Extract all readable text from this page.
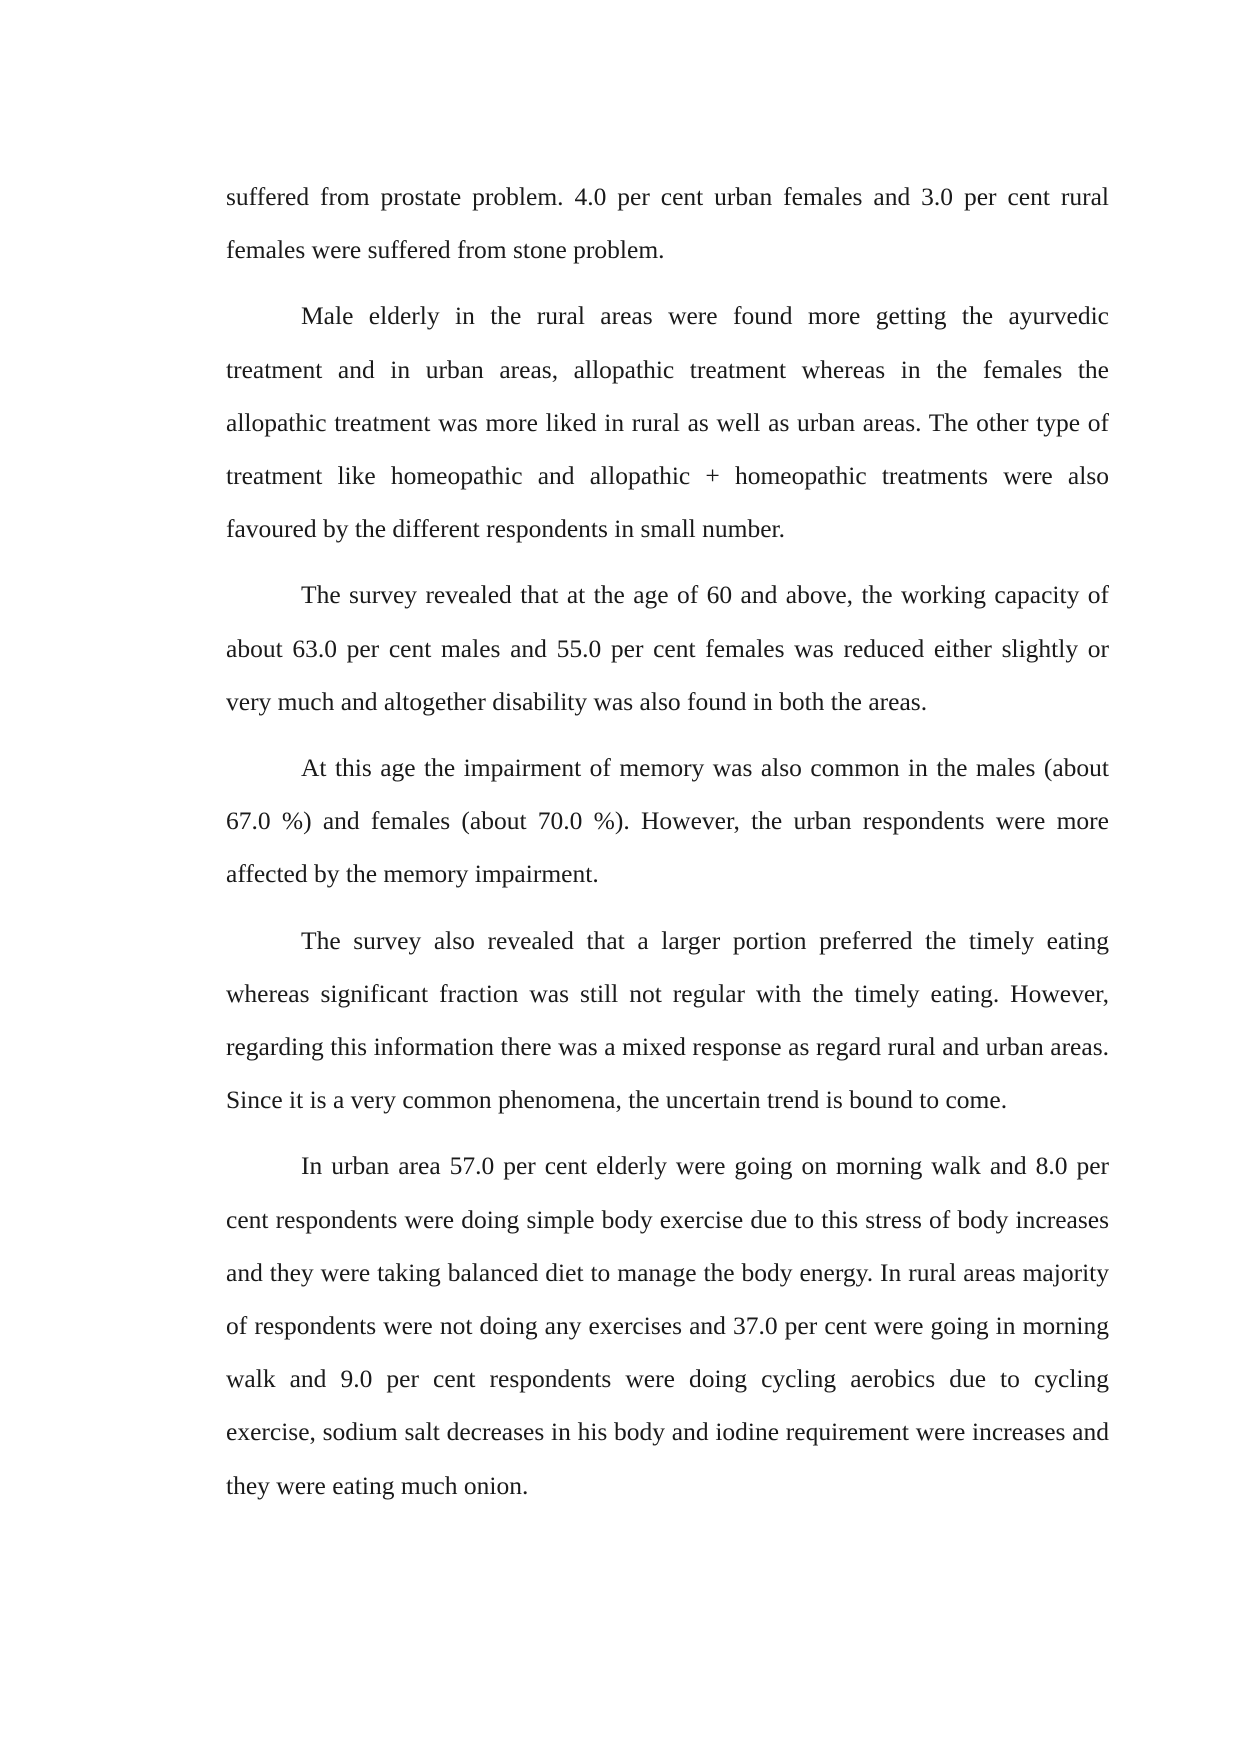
suffered from prostate problem. 4.0 per cent urban females and 3.0 per cent rural females were suffered from stone problem.

Male elderly in the rural areas were found more getting the ayurvedic treatment and in urban areas, allopathic treatment whereas in the females the allopathic treatment was more liked in rural as well as urban areas. The other type of treatment like homeopathic and allopathic + homeopathic treatments were also favoured by the different respondents in small number.

The survey revealed that at the age of 60 and above, the working capacity of about 63.0 per cent males and 55.0 per cent females was reduced either slightly or very much and altogether disability was also found in both the areas.

At this age the impairment of memory was also common in the males (about 67.0 %) and females (about 70.0 %). However, the urban respondents were more affected by the memory impairment.

The survey also revealed that a larger portion preferred the timely eating whereas significant fraction was still not regular with the timely eating. However, regarding this information there was a mixed response as regard rural and urban areas. Since it is a very common phenomena, the uncertain trend is bound to come.

In urban area 57.0 per cent elderly were going on morning walk and 8.0 per cent respondents were doing simple body exercise due to this stress of body increases and they were taking balanced diet to manage the body energy. In rural areas majority of respondents were not doing any exercises and 37.0 per cent were going in morning walk and 9.0 per cent respondents were doing cycling aerobics due to cycling exercise, sodium salt decreases in his body and iodine requirement were increases and they were eating much onion.
